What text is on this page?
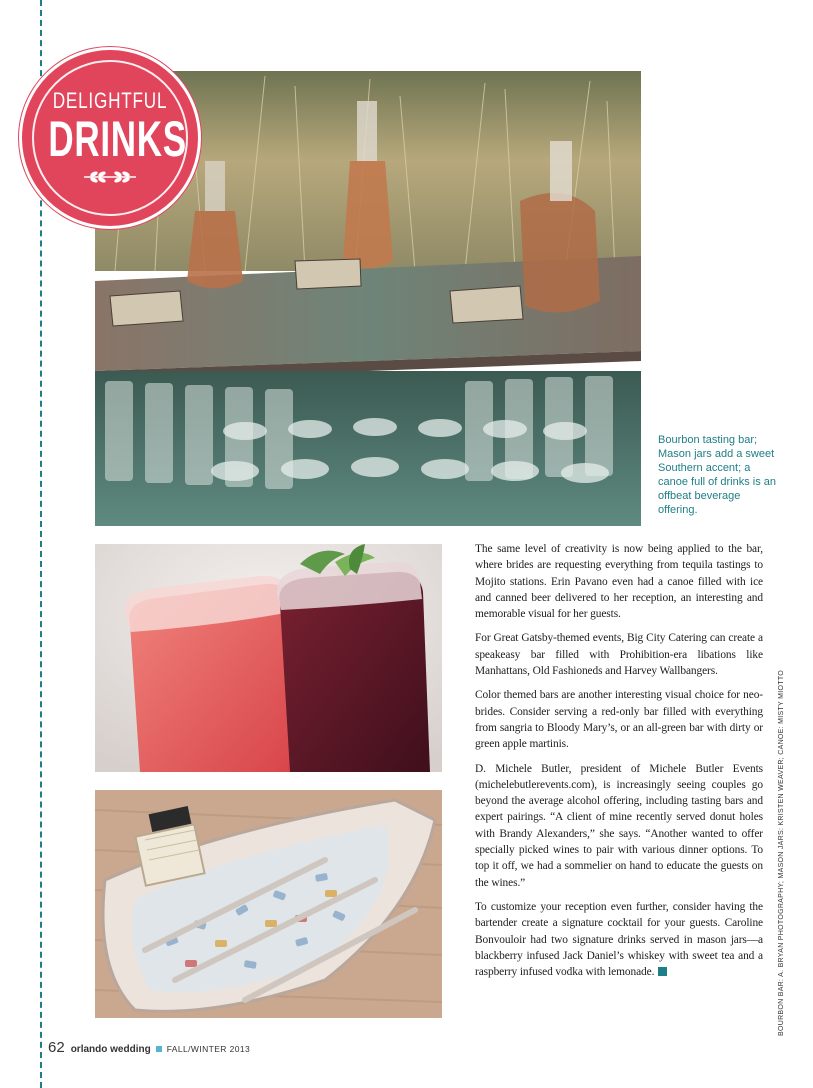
DELIGHTFUL
DRINKS
Bourbon tasting bar; Mason jars add a sweet Southern accent; a canoe full of drinks is an offbeat beverage offering.

The same level of creativity is now being applied to the bar, where brides are requesting everything from tequila tastings to Mojito stations. Erin Pavano even had a canoe filled with ice and canned beer delivered to her reception, an interesting and memorable visual for her guests.

For Great Gatsby-themed events, Big City Catering can create a speakeasy bar filled with Prohibition-era libations like Manhattans, Old Fashioneds and Harvey Wallbangers.

Color themed bars are another interesting visual choice for neo-brides. Consider serving a red-only bar filled with everything from sangria to Bloody Mary’s, or an all-green bar with dirty or green apple martinis.

D. Michele Butler, president of Michele Butler Events (michelebutlerevents.com), is increasingly seeing couples go beyond the average alcohol offering, including tasting bars and expert pairings. “A client of mine recently served donut holes with Brandy Alexanders,” she says. “Another wanted to offer specially picked wines to pair with various dinner options. To top it off, we had a sommelier on hand to educate the guests on the wines.”

To customize your reception even further, consider having the bartender create a signature cocktail for your guests. Caroline Bonvouloir had two signature drinks served in mason jars—a blackberry infused Jack Daniel’s whiskey with sweet tea and a raspberry infused vodka with lemonade.	BOURBON BAR: A. BRYAN PHOTOGRAPHY; MASON JARS: KRISTEN WEAVER; CANOE: MISTY MIOTTO
62 orlando wedding FALL/WINTER 2013
